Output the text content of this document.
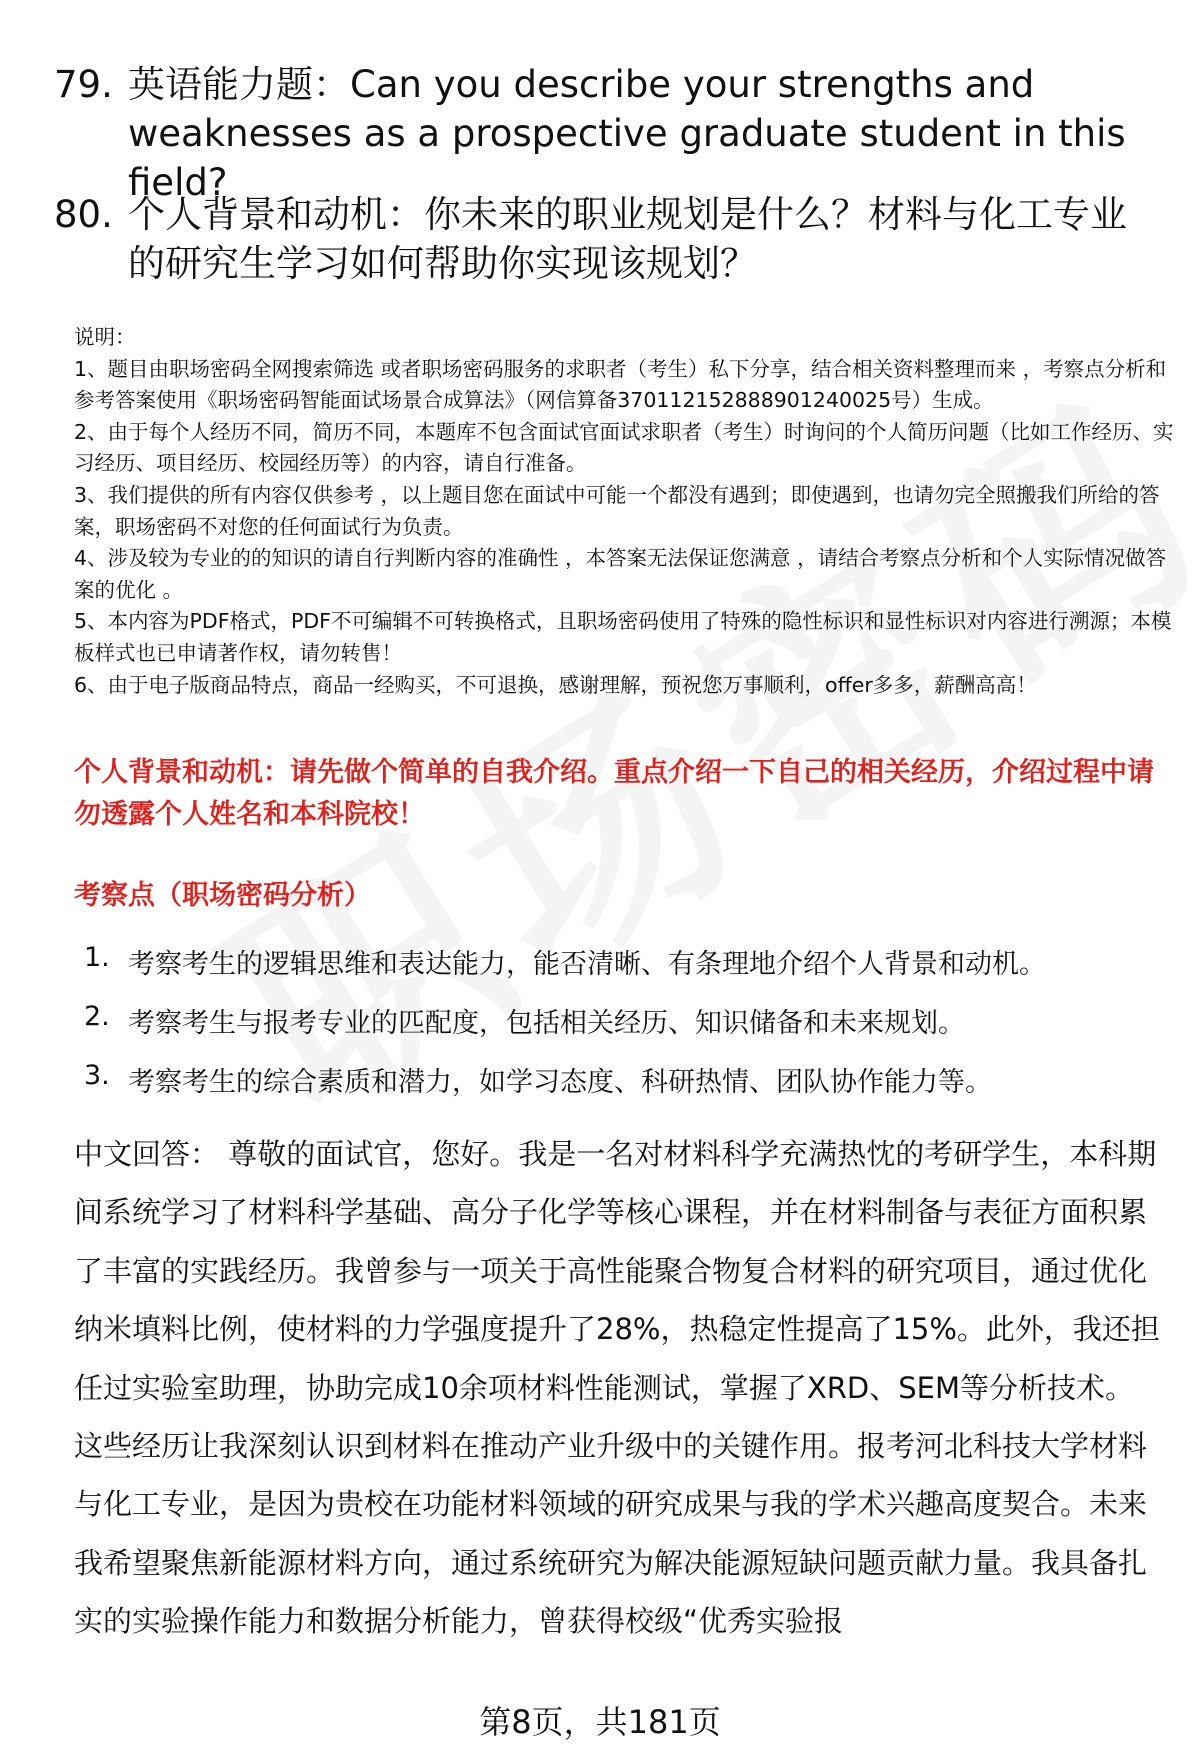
79. 英语能力题：Can you describe your strengths and weaknesses as a prospective graduate student in this field?
80. 个人背景和动机：你未来的职业规划是什么？材料与化工专业的研究生学习如何帮助你实现该规划？
说明：
1、题目由职场密码全网搜索筛选 或者职场密码服务的求职者（考生）私下分享，结合相关资料整理而来 ，考察点分析和参考答案使用《职场密码智能面试场景合成算法》（网信算备3701121528889012400​25号）生成。
2、由于每个人经历不同，简历不同，本题库不包含面试官面试求职者（考生）时询问的个人简历问题（比如工作经历、实习经历、项目经历、校园经历等）的内容，请自行准备。
3、我们提供的所有内容仅供参考 ，以上题目您在面试中可能一个都没有遇到；即使遇到，也请勿完全照搬我们所给的答案，职场密码不对您的任何面试行为负责。
4、涉及较为专业的的知识的请自行判断内容的准确性 ，本答案无法保证您满意 ，请结合考察点分析和个人实际情况做答案的优化 。
5、本内容为PDF格式，PDF不可编辑不可转换格式，且职场密码使用了特殊的隐性标识和显性标识对内容进行溯源；本模板样式也已申请著作权，请勿转售！
6、由于电子版商品特点，商品一经购买，不可退换，感谢理解，预祝您万事顺利，offer多多，薪酬高高！
个人背景和动机：请先做个简单的自我介绍。重点介绍一下自己的相关经历，介绍过程中请勿透露个人姓名和本科院校！
考察点（职场密码分析）
1. 考察考生的逻辑思维和表达能力，能否清晰、有条理地介绍个人背景和动机。
2. 考察考生与报考专业的匹配度，包括相关经历、知识储备和未来规划。
3. 考察考生的综合素质和潜力，如学习态度、科研热情、团队协作能力等。
中文回答： 尊敬的面试官，您好。我是一名对材料科学充满热忱的考研学生，本科期间系统学习了材料科学基础、高分子化学等核心课程，并在材料制备与表征方面积累了丰富的实践经历。我曾参与一项关于高性能聚合物复合材料的研究项目，通过优化纳米填料比例，使材料的力学强度提升了28%，热稳定性提高了15%。此外，我还担任过实验室助理，协助完成10余项材料性能测试，掌握了XRD、SEM等分析技术。这些经历让我深刻认识到材料在推动产业升级中的关键作用。报考河北科技大学材料与化工专业，是因为贵校在功能材料领域的研究成果与我的学术兴趣高度契合。未来我希望聚焦新能源材料方向，通过系统研究为解决能源短缺问题贡献力量。我具备扎实的实验操作能力和数据分析能力，曾获得校级“优秀实验报
第8页，共181页
